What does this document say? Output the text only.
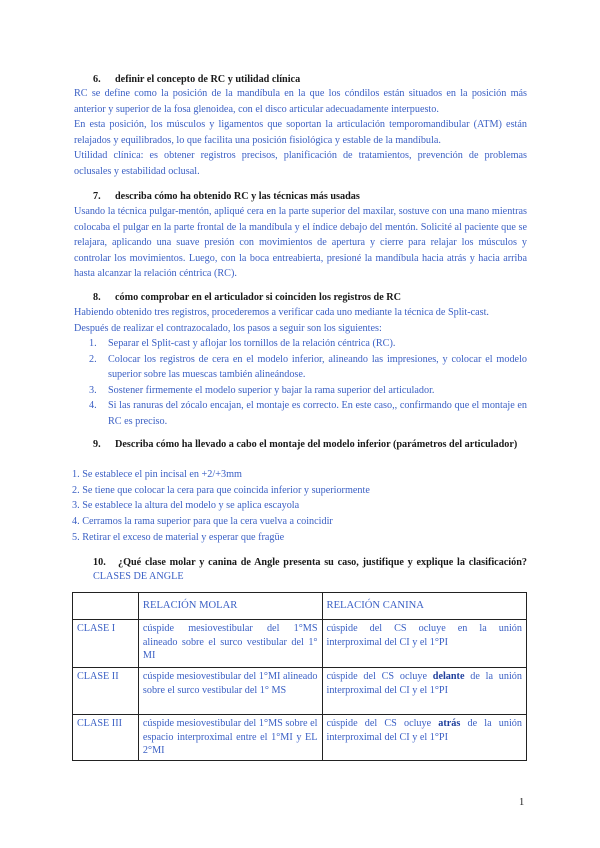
6. definir el concepto de RC y utilidad clínica

RC se define como la posición de la mandíbula en la que los cóndilos están situados en la posición más anterior y superior de la fosa glenoidea, con el disco articular adecuadamente interpuesto.

En esta posición, los músculos y ligamentos que soportan la articulación temporomandibular (ATM) están relajados y equilibrados, lo que facilita una posición fisiológica y estable de la mandíbula.

Utilidad clínica: es obtener registros precisos, planificación de tratamientos, prevención de problemas oclusales y estabilidad oclusal.

7. describa cómo ha obtenido RC y las técnicas más usadas

Usando la técnica pulgar-mentón, apliqué cera en la parte superior del maxilar, sostuve con una mano mientras colocaba el pulgar en la parte frontal de la mandíbula y el índice debajo del mentón. Solicité al paciente que se relajara, aplicando una suave presión con movimientos de apertura y cierre para relajar los músculos y controlar los movimientos. Luego, con la boca entreabierta, presioné la mandíbula hacia atrás y hacia arriba hasta alcanzar la relación céntrica (RC).

8. cómo comprobar en el articulador si coinciden los registros de RC

Habiendo obtenido tres registros, procederemos a verificar cada uno mediante la técnica de Split-cast.

Después de realizar el contrazocalado, los pasos a seguir son los siguientes:

1. Separar el Split-cast y aflojar los tornillos de la relación céntrica (RC).
2. Colocar los registros de cera en el modelo inferior, alineando las impresiones, y colocar el modelo superior sobre las muescas también alineándose.
3. Sostener firmemente el modelo superior y bajar la rama superior del articulador.
4. Si las ranuras del zócalo encajan, el montaje es correcto. En este caso,, confirmando que el montaje en RC es preciso.
9. Describa cómo ha llevado a cabo el montaje del modelo inferior (parámetros del articulador)
1. Se establece el pin incisal en +2/+3mm
2. Se tiene que colocar la cera para que coincida inferior y superiormente
3. Se establece la altura del modelo y se aplica escayola
4. Cerramos la rama superior para que la cera vuelva a coincidir
5. Retirar el exceso de material y esperar que fragüe
10. ¿Qué clase molar y canina de Angle presenta su caso, justifique y explique la clasificación? CLASES DE ANGLE
	RELACIÓN MOLAR	RELACIÓN CANINA
CLASE I	cúspide mesiovestibular del 1°MS alineado sobre el surco vestibular del 1° MI	cúspide del CS ocluye en la unión interproximal del CI y el 1°PI
CLASE II	cúspide mesiovestibular del 1°MI alineado sobre el surco vestibular del 1° MS	cúspide del CS ocluye delante de la unión interproximal del CI y el 1°PI
CLASE III	cúspide mesiovestibular del 1°MS sobre el espacio interproximal entre el 1°MI y EL 2°MI	cúspide del CS ocluye atrás de la unión interproximal del CI y el 1°PI
1
